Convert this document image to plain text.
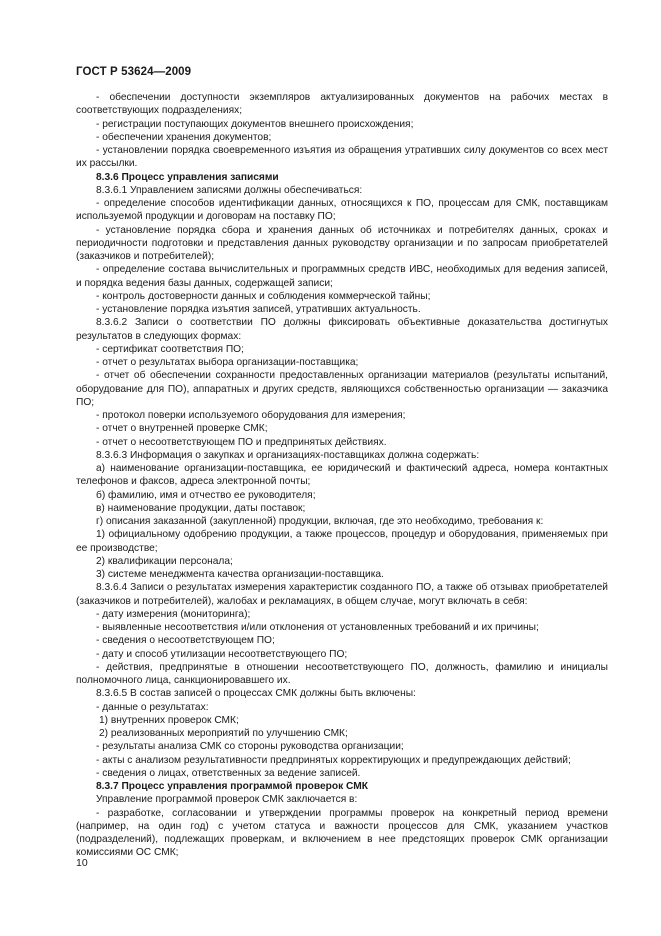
ГОСТ Р 53624—2009

- обеспечении доступности экземпляров актуализированных документов на рабочих местах в соответствующих подразделениях;

- регистрации поступающих документов внешнего происхождения;

- обеспечении хранения документов;

- установлении порядка своевременного изъятия из обращения утративших силу документов со всех мест их рассылки.

8.3.6 Процесс управления записями

8.3.6.1 Управлением записями должны обеспечиваться:

- определение способов идентификации данных, относящихся к ПО, процессам для СМК, поставщикам используемой продукции и договорам на поставку ПО;

- установление порядка сбора и хранения данных об источниках и потребителях данных, сроках и периодичности подготовки и представления данных руководству организации и по запросам приобретателей (заказчиков и потребителей);

- определение состава вычислительных и программных средств ИВС, необходимых для ведения записей, и порядка ведения базы данных, содержащей записи;

- контроль достоверности данных и соблюдения коммерческой тайны;

- установление порядка изъятия записей, утративших актуальность.

8.3.6.2 Записи о соответствии ПО должны фиксировать объективные доказательства достигнутых результатов в следующих формах:

- сертификат соответствия ПО;

- отчет о результатах выбора организации-поставщика;

- отчет об обеспечении сохранности предоставленных организации материалов (результаты испытаний, оборудование для ПО), аппаратных и других средств, являющихся собственностью организации — заказчика ПО;

- протокол поверки используемого оборудования для измерения;

- отчет о внутренней проверке СМК;

- отчет о несоответствующем ПО и предпринятых действиях.

8.3.6.3 Информация о закупках и организациях-поставщиках должна содержать:

а) наименование организации-поставщика, ее юридический и фактический адреса, номера контактных телефонов и факсов, адреса электронной почты;

б) фамилию, имя и отчество ее руководителя;

в) наименование продукции, даты поставок;

г) описания заказанной (закупленной) продукции, включая, где это необходимо, требования к:

1) официальному одобрению продукции, а также процессов, процедур и оборудования, применяемых при ее производстве;

2) квалификации персонала;

3) системе менеджмента качества организации-поставщика.

8.3.6.4 Записи о результатах измерения характеристик созданного ПО, а также об отзывах приобретателей (заказчиков и потребителей), жалобах и рекламациях, в общем случае, могут включать в себя:

- дату измерения (мониторинга);

- выявленные несоответствия и/или отклонения от установленных требований и их причины;

- сведения о несоответствующем ПО;

- дату и способ утилизации несоответствующего ПО;

- действия, предпринятые в отношении несоответствующего ПО, должность, фамилию и инициалы полномочного лица, санкционировавшего их.

8.3.6.5 В состав записей о процессах СМК должны быть включены:

- данные о результатах:

1) внутренних проверок СМК;

2) реализованных мероприятий по улучшению СМК;

- результаты анализа СМК со стороны руководства организации;

- акты с анализом результативности предпринятых корректирующих и предупреждающих действий;

- сведения о лицах, ответственных за ведение записей.

8.3.7 Процесс управления программой проверок СМК

Управление программой проверок СМК заключается в:

- разработке, согласовании и утверждении программы проверок на конкретный период времени (например, на один год) с учетом статуса и важности процессов для СМК, указанием участков (подразделений), подлежащих проверкам, и включением в нее предстоящих проверок СМК организации комиссиями ОС СМК;

10
